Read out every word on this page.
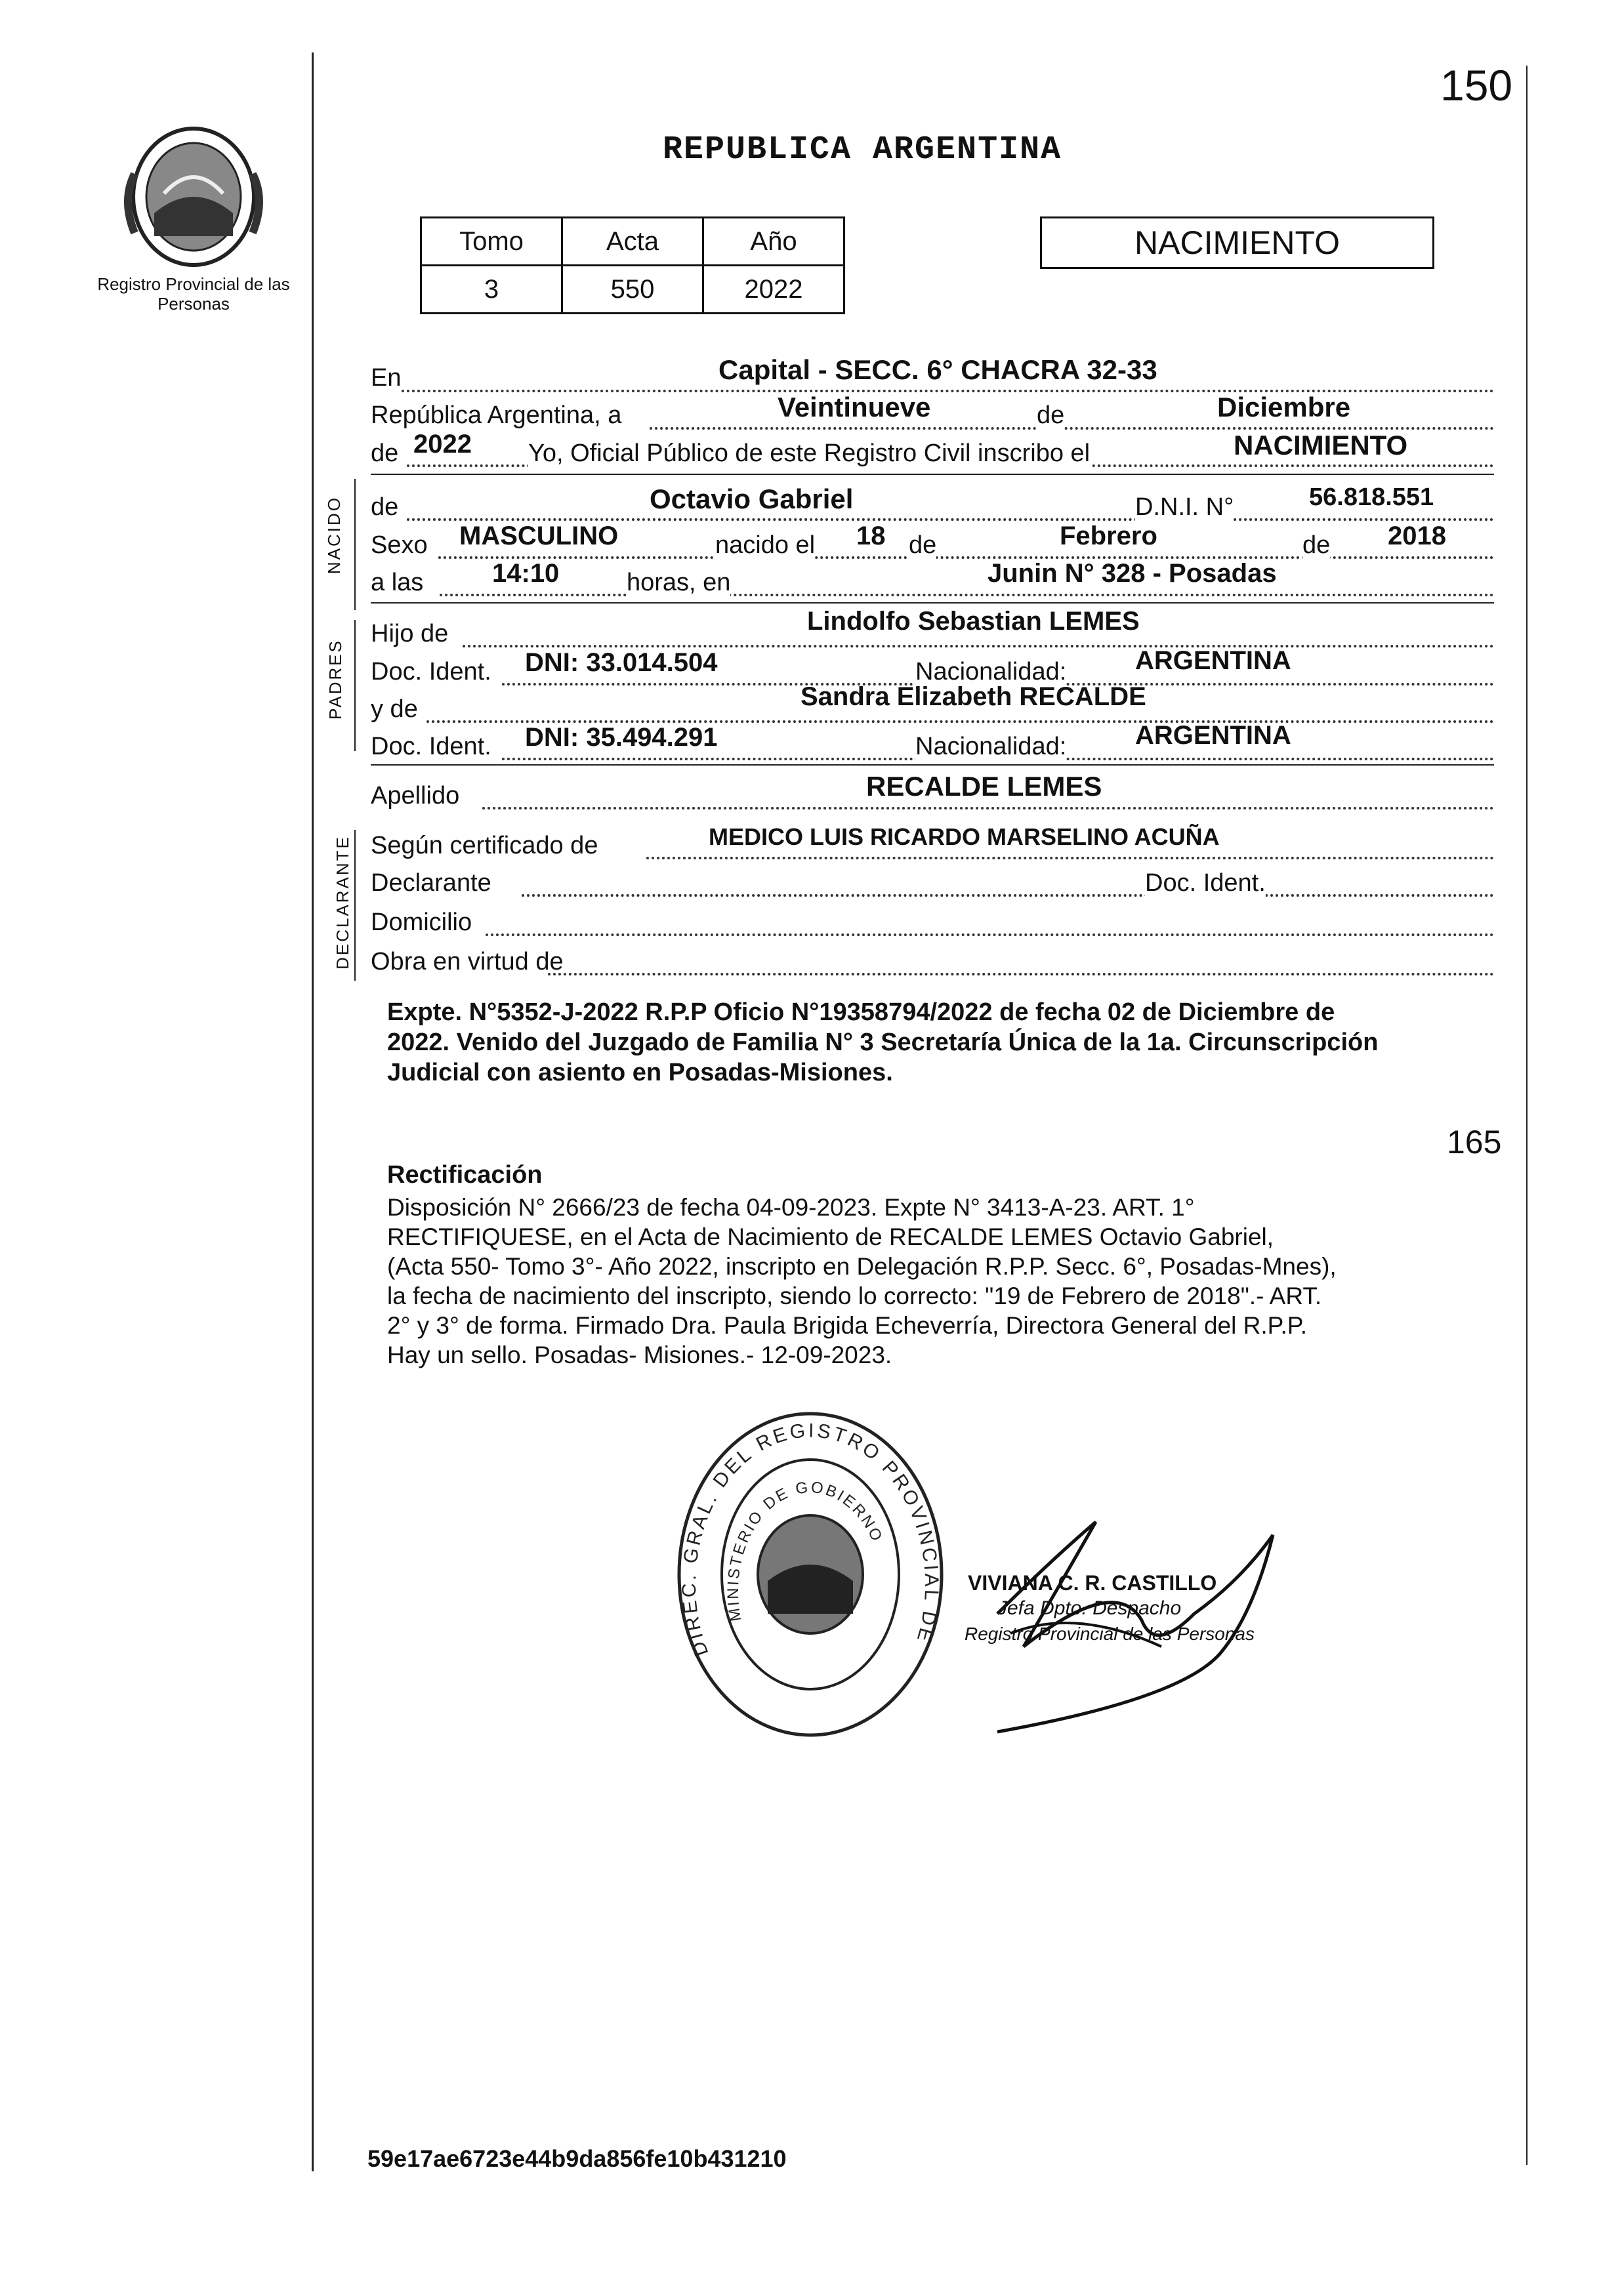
150
Registro Provincial de las Personas
REPUBLICA ARGENTINA
Tomo	Acta	Año
3	550	2022
NACIMIENTO
NACIDO
PADRES
DECLARANTE
En	Capital - SECC. 6° CHACRA 32-33
República Argentina, a	Veintinueve	de	Diciembre
de 2022 Yo, Oficial Público de este Registro Civil inscribo el	NACIMIENTO
de	Octavio Gabriel	D.N.I. N°	56.818.551
Sexo MASCULINO	nacido el 18 de	Febrero	de 2018
a las	14:10	horas, en	Junin N° 328 - Posadas
Hijo de	Lindolfo Sebastian LEMES
Doc. Ident. DNI: 33.014.504	Nacionalidad:	ARGENTINA
y de	Sandra Elizabeth RECALDE
Doc. Ident. DNI: 35.494.291	Nacionalidad:	ARGENTINA
Apellido	RECALDE LEMES
Según certificado de	MEDICO LUIS RICARDO MARSELINO ACUÑA
Declarante	Doc. Ident.
Domicilio
Obra en virtud de
Expte. N°5352-J-2022 R.P.P Oficio N°19358794/2022 de fecha 02 de Diciembre de
2022. Venido del Juzgado de Familia N° 3 Secretaría Única de la 1a. Circunscripción
Judicial con asiento en Posadas-Misiones.
165
Rectificación
Disposición N° 2666/23 de fecha 04-09-2023. Expte N° 3413-A-23. ART. 1°
RECTIFIQUESE, en el Acta de Nacimiento de RECALDE LEMES Octavio Gabriel,
(Acta 550- Tomo 3°- Año 2022, inscripto en Delegación R.P.P. Secc. 6°, Posadas-Mnes),
la fecha de nacimiento del inscripto, siendo lo correcto: "19 de Febrero de 2018".- ART.
2° y 3° de forma. Firmado Dra. Paula Brigida Echeverría, Directora General del R.P.P.
Hay un sello. Posadas- Misiones.- 12-09-2023.
DIREC. GRAL. DEL REGISTRO PROVINCIAL DE
MINISTERIO DE GOBIERNO
VIVIANA C. R. CASTILLO
Jefa Dpto. Despacho
Registro Provincial de las Personas
59e17ae6723e44b9da856fe10b431210
